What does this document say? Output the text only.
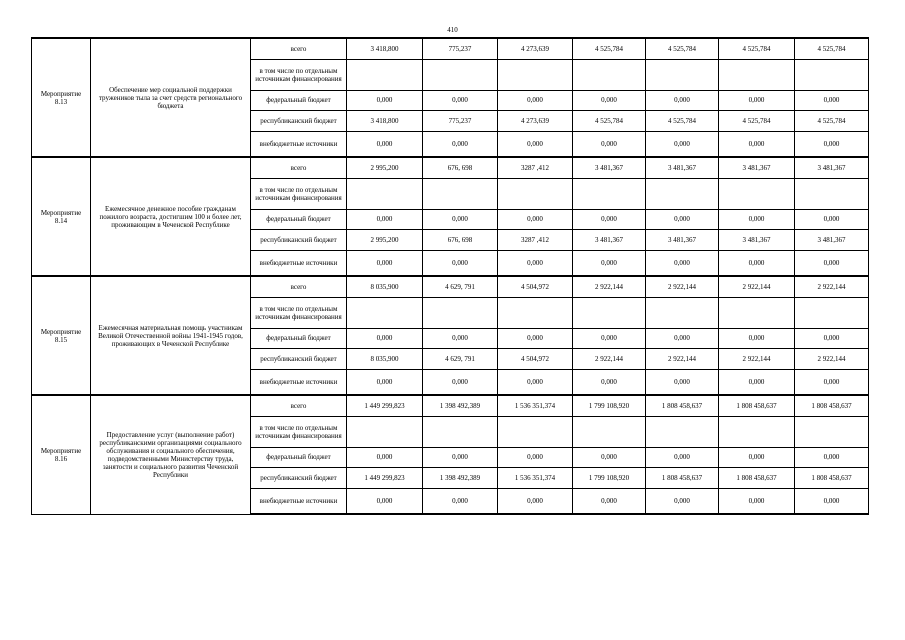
410
Мероприятие 8.13	Обеспечение мер социальной поддержки тружеников тыла за счет средств регионального бюджета	всего	3 418,800	775,237	4 273,639	4 525,784	4 525,784	4 525,784	4 525,784
		в том числе по отдельным источникам финансирования							
		федеральный бюджет	0,000	0,000	0,000	0,000	0,000	0,000	0,000
		республиканский бюджет	3 418,800	775,237	4 273,639	4 525,784	4 525,784	4 525,784	4 525,784
		внебюджетные источники	0,000	0,000	0,000	0,000	0,000	0,000	0,000
Мероприятие 8.14	Ежемесячное денежное пособие гражданам пожилого возраста, достигшим 100 и более лет, проживающим в Чеченской Республике	всего	2 995,200	676, 698	3287 ,412	3 481,367	3 481,367	3 481,367	3 481,367
		в том числе по отдельным источникам финансирования							
		федеральный бюджет	0,000	0,000	0,000	0,000	0,000	0,000	0,000
		республиканский бюджет	2 995,200	676, 698	3287 ,412	3 481,367	3 481,367	3 481,367	3 481,367
		внебюджетные источники	0,000	0,000	0,000	0,000	0,000	0,000	0,000
Мероприятие 8.15	Ежемесячная материальная помощь участникам Великой Отечественной войны 1941-1945 годов, проживающих в Чеченской Республике	всего	8 035,900	4 629, 791	4 504,972	2 922,144	2 922,144	2 922,144	2 922,144
		в том числе по отдельным источникам финансирования							
		федеральный бюджет	0,000	0,000	0,000	0,000	0,000	0,000	0,000
		республиканский бюджет	8 035,900	4 629, 791	4 504,972	2 922,144	2 922,144	2 922,144	2 922,144
		внебюджетные источники	0,000	0,000	0,000	0,000	0,000	0,000	0,000
Мероприятие 8.16	Предоставление услуг (выполнение работ) республиканскими организациями социального обслуживания и социального обеспечения, подведомственными Министерству труда, занятости и социального развития Чеченской Республики	всего	1 449 299,823	1 398 492,389	1 536 351,374	1 799 108,920	1 808 458,637	1 808 458,637	1 808 458,637
		в том числе по отдельным источникам финансирования							
		федеральный бюджет	0,000	0,000	0,000	0,000	0,000	0,000	0,000
		республиканский бюджет	1 449 299,823	1 398 492,389	1 536 351,374	1 799 108,920	1 808 458,637	1 808 458,637	1 808 458,637
		внебюджетные источники	0,000	0,000	0,000	0,000	0,000	0,000	0,000
